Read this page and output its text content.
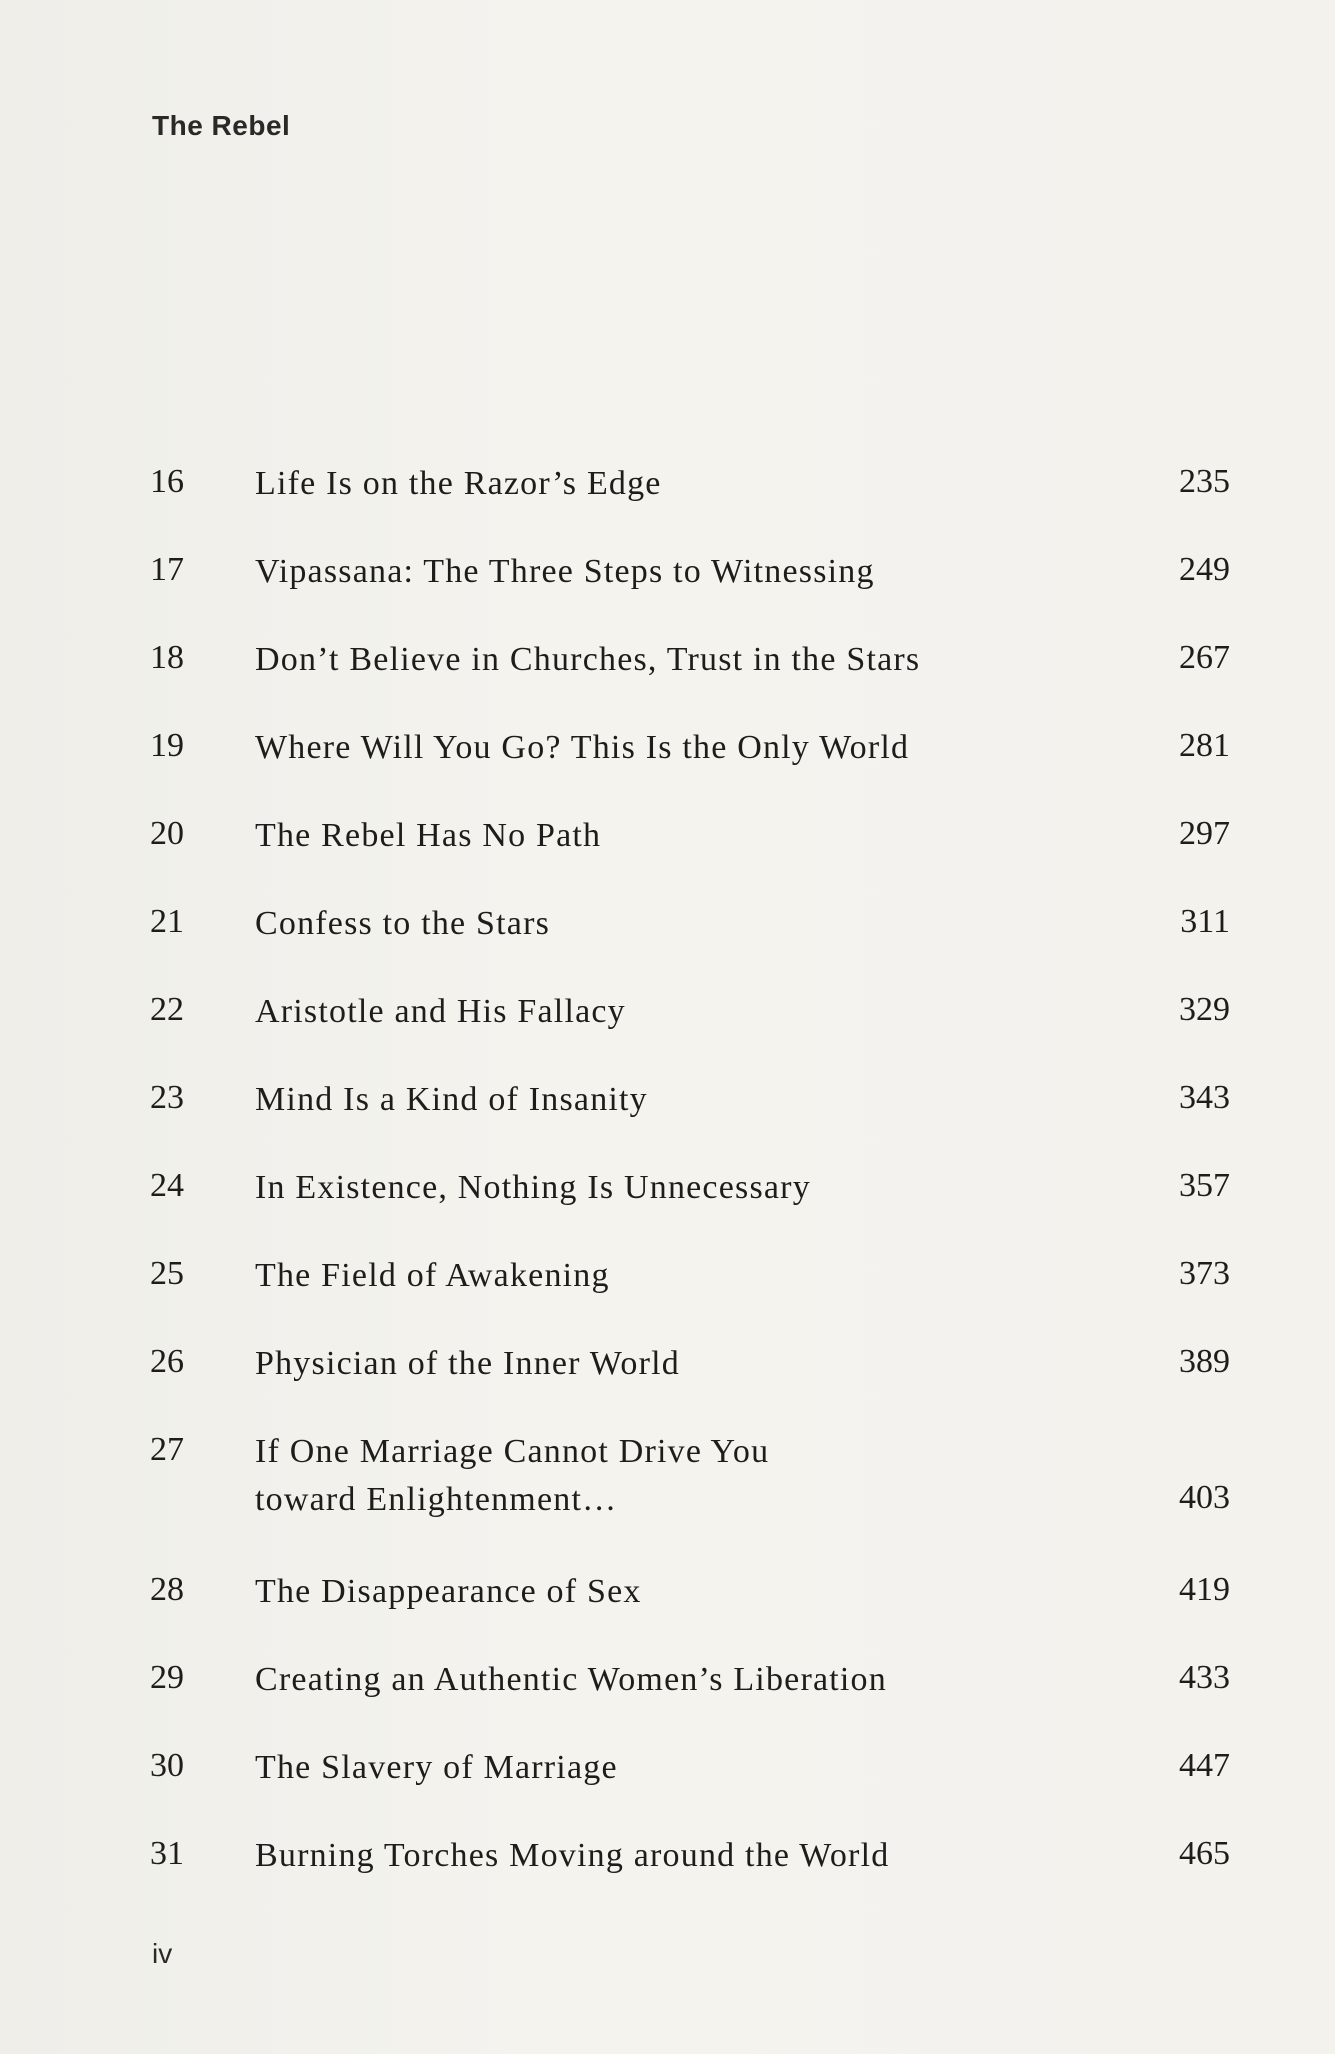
The Rebel
16 Life Is on the Razor’s Edge	235
17 Vipassana: The Three Steps to Witnessing	249
18 Don’t Believe in Churches, Trust in the Stars	267
19 Where Will You Go? This Is the Only World	281
20 The Rebel Has No Path	297
21 Confess to the Stars	311
22 Aristotle and His Fallacy	329
23 Mind Is a Kind of Insanity	343
24 In Existence, Nothing Is Unnecessary	357
25 The Field of Awakening	373
26 Physician of the Inner World	389
27 If One Marriage Cannot Drive You
toward Enlightenment…	403
28 The Disappearance of Sex	419
29 Creating an Authentic Women’s Liberation	433
30 The Slavery of Marriage	447
31 Burning Torches Moving around the World	465
iv
